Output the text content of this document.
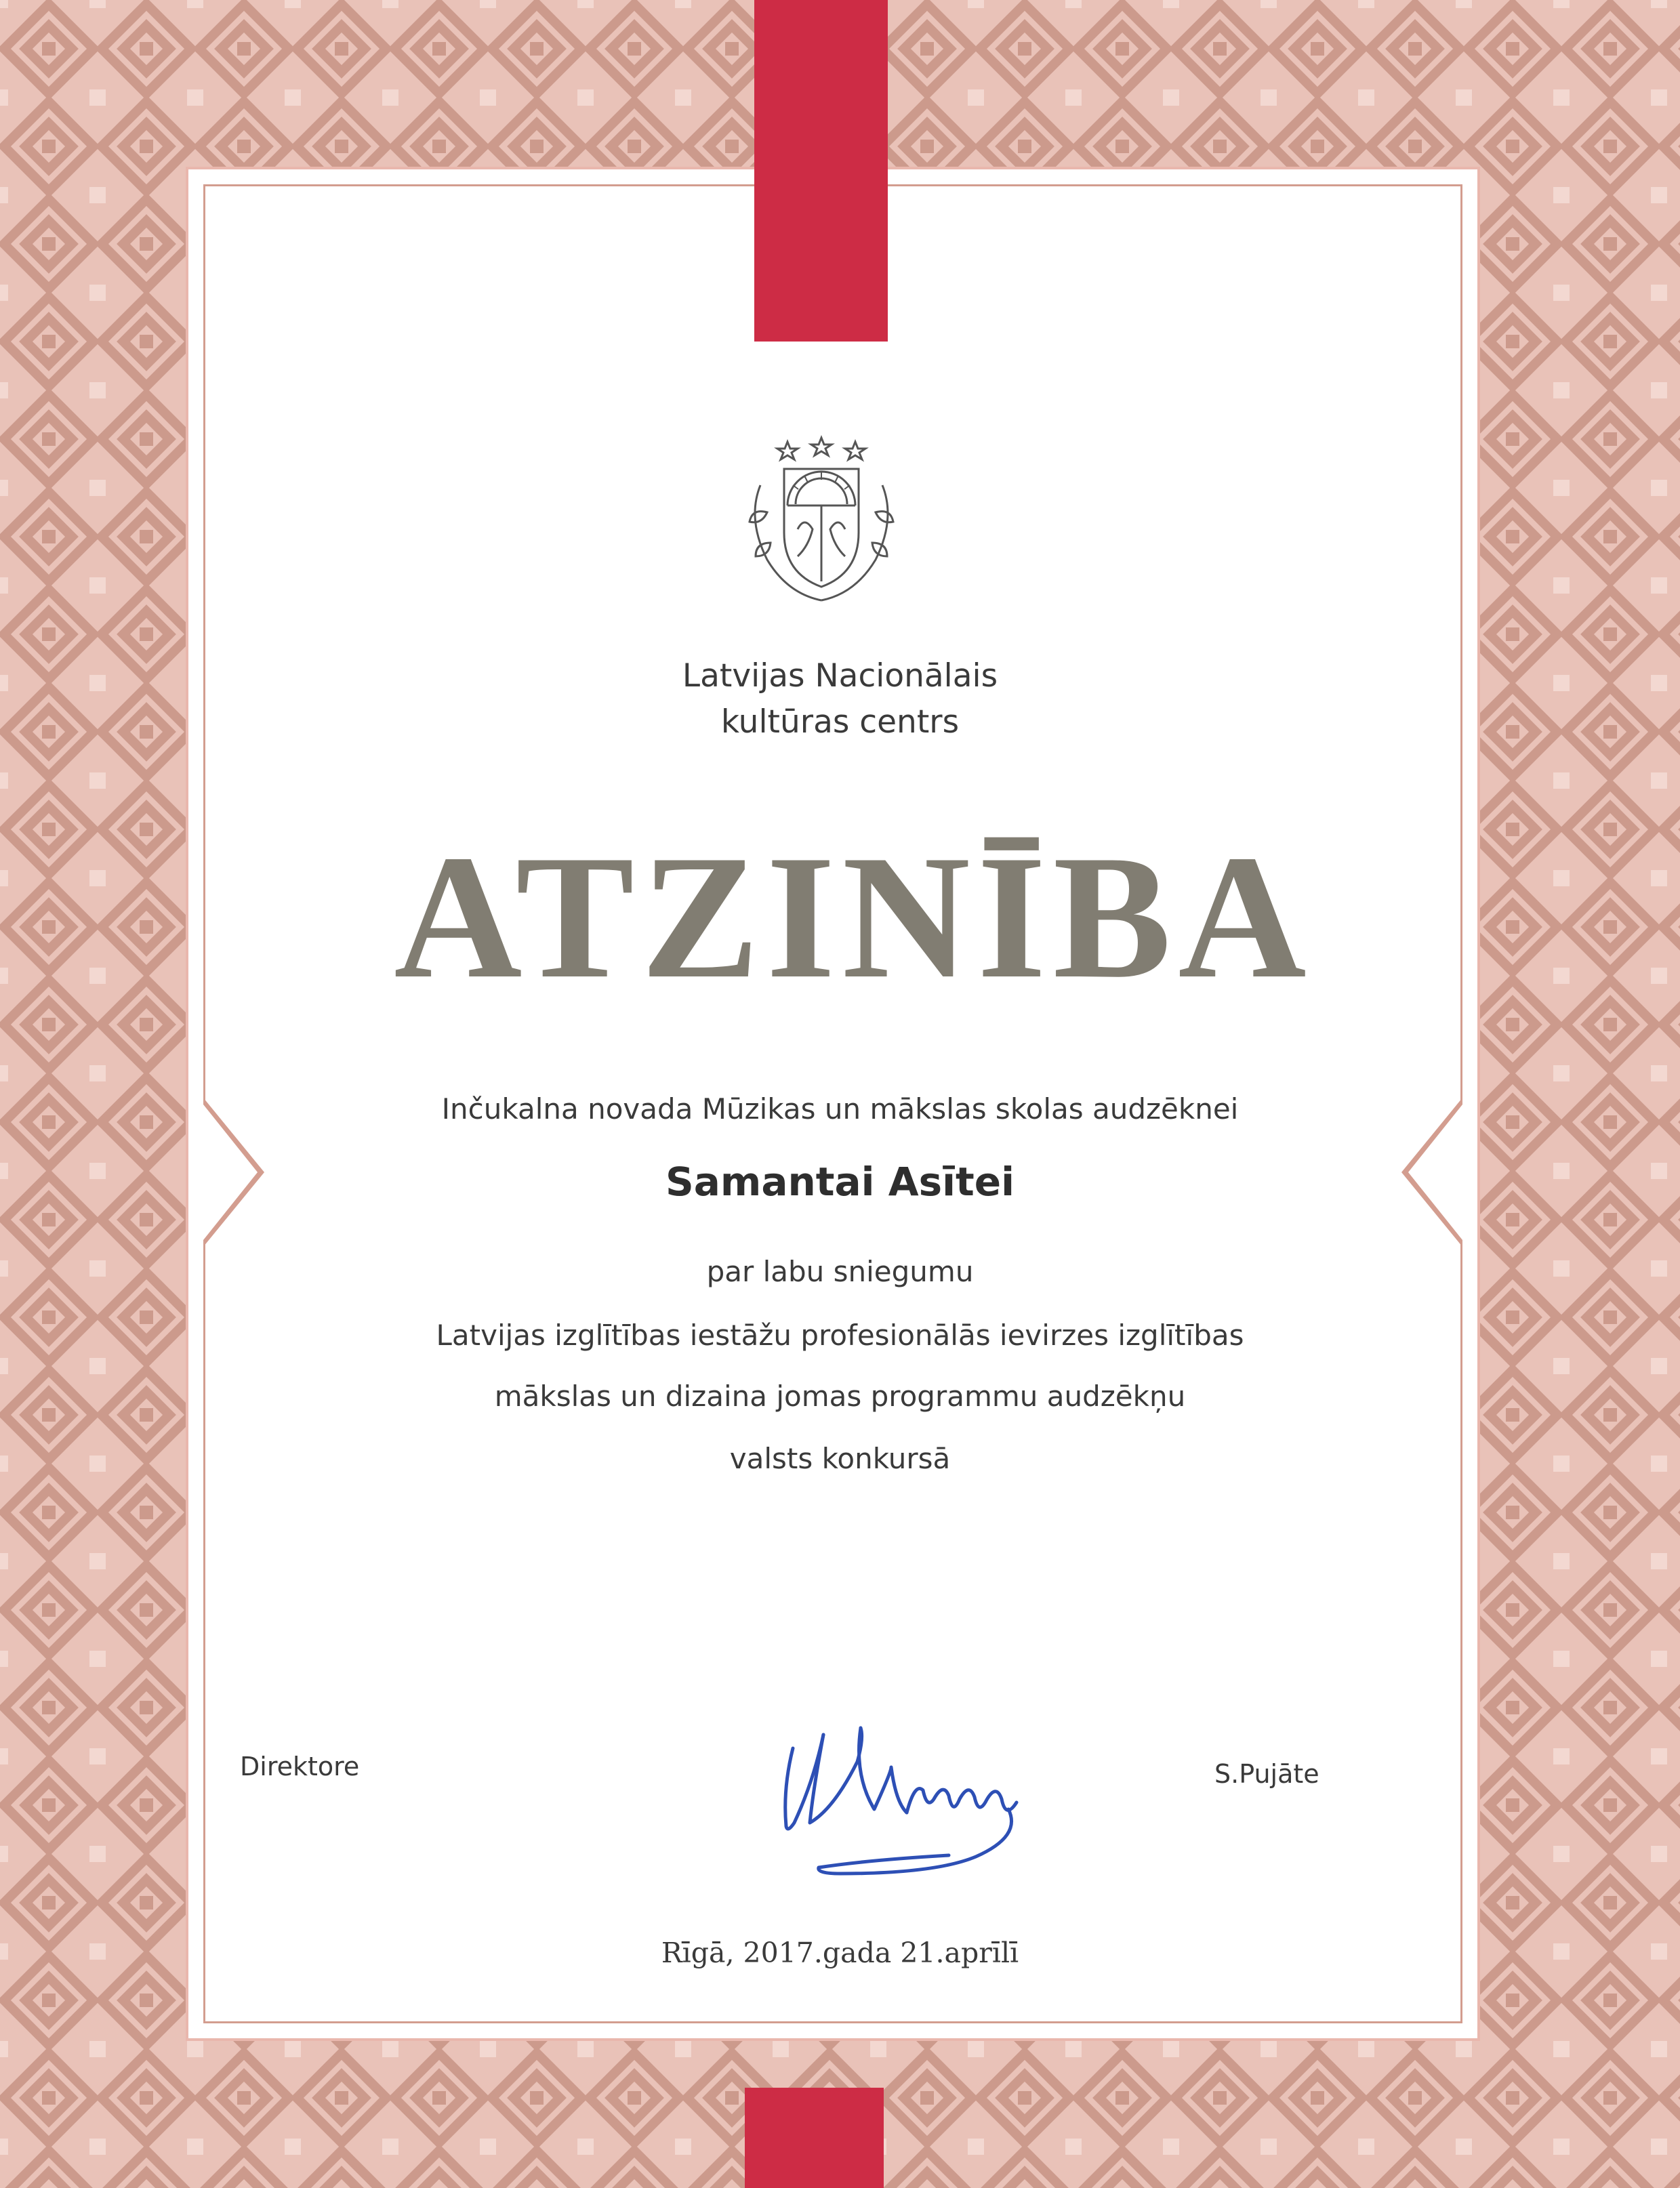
Latvijas Nacionālais

kultūras centrs

ATZINĪBA

Inčukalna novada Mūzikas un mākslas skolas audzēknei

Samantai Asītei

par labu sniegumu

Latvijas izglītības iestāžu profesionālās ievirzes izglītības

mākslas un dizaina jomas programmu audzēkņu

valsts konkursā

Direktore	S.Pujāte

Rīgā, 2017.gada 21.aprīlī
